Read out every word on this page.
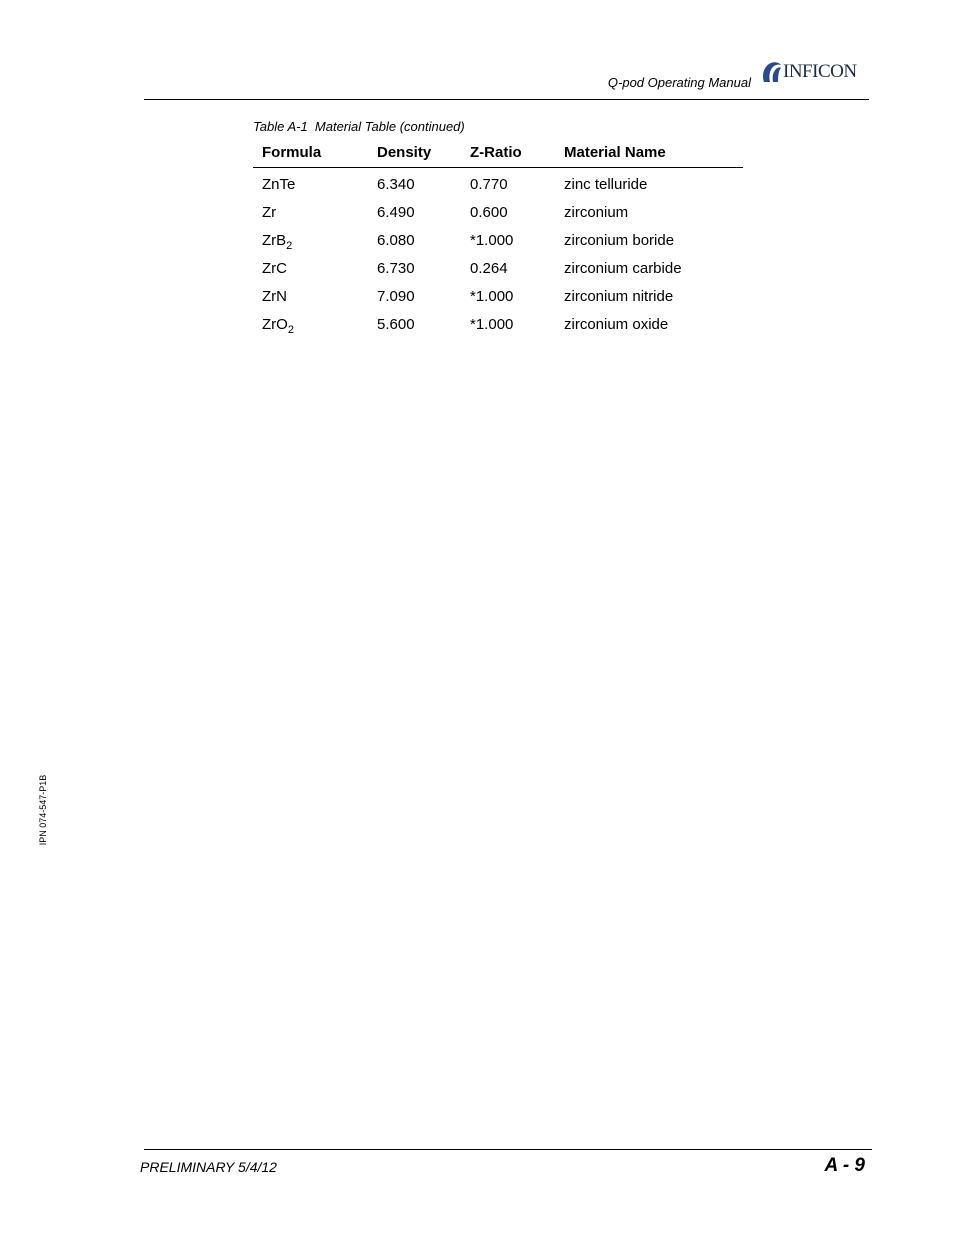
Q-pod Operating Manual
INFICON
Table A-1  Material Table (continued)
Formula	Density	Z-Ratio	Material Name
ZnTe	6.340	0.770	zinc telluride
Zr	6.490	0.600	zirconium
ZrB$_2$	6.080	*1.000	zirconium boride
ZrC	6.730	0.264	zirconium carbide
ZrN	7.090	*1.000	zirconium nitride
ZrO$_2$	5.600	*1.000	zirconium oxide
IPN 074-547-P1B
PRELIMINARY 5/4/12	A - 9
